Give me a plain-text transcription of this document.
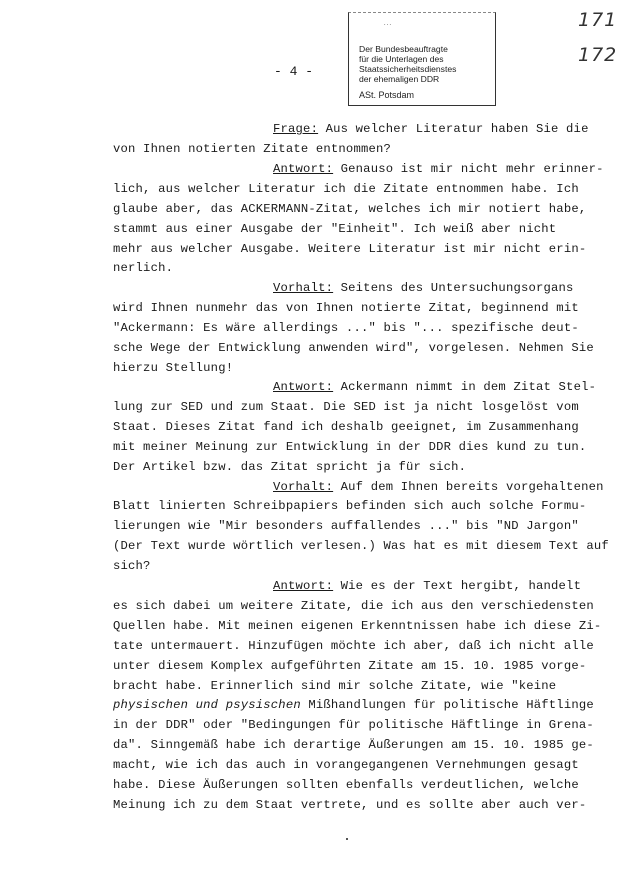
…
Der Bundesbeauftragte
für die Unterlagen des
Staatssicherheitsdienstes
der ehemaligen DDR
ASt. Potsdam
171
172
- 4 -
Frage: Aus welcher Literatur haben Sie die
von Ihnen notierten Zitate entnommen?
Antwort: Genauso ist mir nicht mehr erinner-
lich, aus welcher Literatur ich die Zitate entnommen habe. Ich
glaube aber, das ACKERMANN-Zitat, welches ich mir notiert habe,
stammt aus einer Ausgabe der "Einheit". Ich weiß aber nicht
mehr aus welcher Ausgabe. Weitere Literatur ist mir nicht erin-
nerlich.
Vorhalt: Seitens des Untersuchungsorgans
wird Ihnen nunmehr das von Ihnen notierte Zitat, beginnend mit
"Ackermann: Es wäre allerdings ..." bis "... spezifische deut-
sche Wege der Entwicklung anwenden wird", vorgelesen. Nehmen Sie
hierzu Stellung!
Antwort: Ackermann nimmt in dem Zitat Stel-
lung zur SED und zum Staat. Die SED ist ja nicht losgelöst vom
Staat. Dieses Zitat fand ich deshalb geeignet, im Zusammenhang
mit meiner Meinung zur Entwicklung in der DDR dies kund zu tun.
Der Artikel bzw. das Zitat spricht ja für sich.
Vorhalt: Auf dem Ihnen bereits vorgehaltenen
Blatt linierten Schreibpapiers befinden sich auch solche Formu-
lierungen wie "Mir besonders auffallendes ..." bis "ND Jargon"
(Der Text wurde wörtlich verlesen.) Was hat es mit diesem Text auf
sich?
Antwort: Wie es der Text hergibt, handelt
es sich dabei um weitere Zitate, die ich aus den verschiedensten
Quellen habe. Mit meinen eigenen Erkenntnissen habe ich diese Zi-
tate untermauert. Hinzufügen möchte ich aber, daß ich nicht alle
unter diesem Komplex aufgeführten Zitate am 15. 10. 1985 vorge-
bracht habe. Erinnerlich sind mir solche Zitate, wie "keine
physischen und psysischen Mißhandlungen für politische Häftlinge
in der DDR" oder "Bedingungen für politische Häftlinge in Grena-
da". Sinngemäß habe ich derartige Äußerungen am 15. 10. 1985 ge-
macht, wie ich das auch in vorangegangenen Vernehmungen gesagt
habe. Diese Äußerungen sollten ebenfalls verdeutlichen, welche
Meinung ich zu dem Staat vertrete, und es sollte aber auch ver-
